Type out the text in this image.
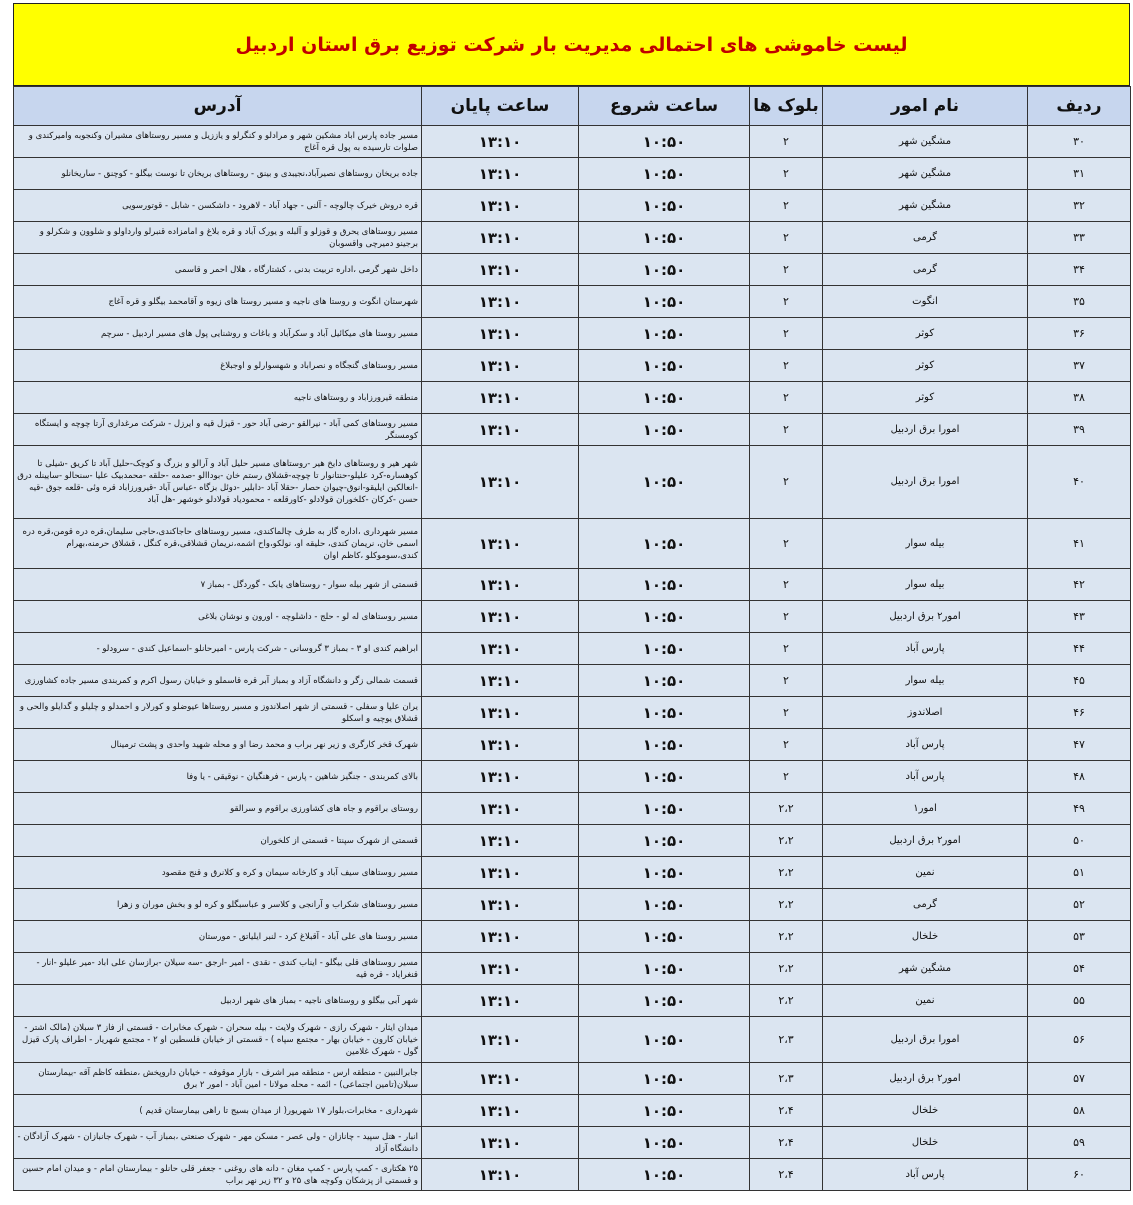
لیست خاموشی های احتمالی مدیریت بار شرکت توزیع برق استان اردبیل
ردیف	نام امور	بلوک ها	ساعت شروع	ساعت پایان	آدرس
۳۰	مشگین شهر	۲	۱۰:۵۰	۱۳:۱۰	مسیر جاده پارس اباد مشکین شهر و مرادلو و کنگرلو و یاززیل و مسیر روستاهای مشیران وکنجوبه وامیرکندی و صلوات تارسیده به پول قره آغاج
۳۱	مشگین شهر	۲	۱۰:۵۰	۱۳:۱۰	جاده بریخان روستاهای نصیرآباد،نجیبدی و بینق - روستاهای بریخان تا نوست بیگلو - کوچنق - ساریخانلو
۳۲	مشگین شهر	۲	۱۰:۵۰	۱۳:۱۰	قره دروش خیرک چالوچه - آلنی - جهاد آباد - لاهرود - داشکسن - شابل - قوتورسویی
۳۳	گرمی	۲	۱۰:۵۰	۱۳:۱۰	مسیر روستاهای یحرق و قوزلو و آلبله و یورک آباد و قره بلاغ و امامزاده قنبرلو وارداولو و شلوون و شکرلو و برجینو دمیرچی واقسوبان
۳۴	گرمی	۲	۱۰:۵۰	۱۳:۱۰	داخل شهر گرمی ،اداره تربیت بدنی ، کشتارگاه ، هلال احمر و قاسمی
۳۵	انگوت	۲	۱۰:۵۰	۱۳:۱۰	شهرستان انگوت و روستا های ناجیه و مسیر روستا های زیوه و آقامحمد بیگلو و قره آغاج
۳۶	کوثر	۲	۱۰:۵۰	۱۳:۱۰	مسیر روستا های میکائیل آباد و سکرآباد و باغات و روشنایی پول های مسیر اردبیل - سرچم
۳۷	کوثر	۲	۱۰:۵۰	۱۳:۱۰	مسیر روستاهای گنجگاه و نصراباد و شهسوارلو و اوجبلاغ
۳۸	کوثر	۲	۱۰:۵۰	۱۳:۱۰	منطقه قیرورزاباد و روستاهای ناجیه
۳۹	امورا برق اردبیل	۲	۱۰:۵۰	۱۳:۱۰	مسیر روستاهای کمی آباد - نیرالقو -رضی آباد حور - قیزل قیه و ایرزل - شرکت مرغداری آرتا چوچه و ایستگاه کومسنگر
۴۰	امورا برق اردبیل	۲	۱۰:۵۰	۱۳:۱۰	شهر هیر و روستاهای دایخ هیر -روستاهای مسیر حلیل آباد و آرالو و بزرگ و کوچک-حلیل آباد تا کریق -شیلی تا کوهساره-کرد علیلو-حنتانوار تا چوچه-قشلاق رستم خان -بوداالو -صدمه -حلقه -محمدبیک علیا -سنحالو -سایینله درق -انعالکین ایلیقو-انوق-چیوان حصار -حقلا آباد -دابلیر -دوئل بزگاه -عباس آباد -قیرورزاباد قره وئی -قلعه جوق -قیه حسن -کرکان -کلخوران قولادلو -کاورقلعه - محمودیاد قولادلو خوشهر -هل آباد
۴۱	بیله سوار	۲	۱۰:۵۰	۱۳:۱۰	مسیر شهرداری ،اداره گاز به طرف چالماکندی، مسیر روستاهای حاجاکندی،حاجی سلیمان،قره دره قومن،قره دره اسمی خان، نریمان کندی، حلیقه او، نولکو،واح اشمه،نریمان قشلاقی،قره کنگل ، قشلاق حرمنه،بهرام کندی،سوموکلو ،کاظم اوان
۴۲	بیله سوار	۲	۱۰:۵۰	۱۳:۱۰	قسمتی از شهر بیله سوار - روستاهای یابک - گوردگل - بمباز ۷
۴۳	امور۲ برق اردبیل	۲	۱۰:۵۰	۱۳:۱۰	مسیر روستاهای له لو - حلج - داشلوچه - اورون و نوشان بلاغی
۴۴	پارس آباد	۲	۱۰:۵۰	۱۳:۱۰	ابراهیم کندی او ۳ - بمباز ۳ گروسانی - شرکت پارس - امیرحانلو -اسماعیل کندی - سرودلو -
۴۵	بیله سوار	۲	۱۰:۵۰	۱۳:۱۰	قسمت شمالی زگر و دانشگاه آزاد و بمباز آبر قره قاسملو و خیابان رسول اکرم و کمربندی مسیر جاده کشاورزی
۴۶	اصلاندوز	۲	۱۰:۵۰	۱۳:۱۰	یران علیا و سفلی - قسمتی از شهر اصلاندوز و مسیر روستاها عیوضلو و کورلار و احمدلو و چلیلو و گدایلو والحی و قشلاق یوچیه و اسکلو
۴۷	پارس آباد	۲	۱۰:۵۰	۱۳:۱۰	شهرک قخر کارگری و زیر نهر براب و محمد رضا او و محله شهید واحدی و پشت ترمینال
۴۸	پارس آباد	۲	۱۰:۵۰	۱۳:۱۰	بالای کمربندی - جنگیز شاهین - پارس - فرهنگیان - نوقیقی - یا وفا
۴۹	امور۱	۲،۲	۱۰:۵۰	۱۳:۱۰	روستای براقوم و جاه های کشاورزی براقوم و سرالقو
۵۰	امور۲ برق اردبیل	۲،۲	۱۰:۵۰	۱۳:۱۰	قسمتی از شهرک سپنتا - قسمتی از کلخوران
۵۱	نمین	۲،۲	۱۰:۵۰	۱۳:۱۰	مسیر روستاهای سیف آباد و کارخانه سیمان و کره و کلانرق و قنج مقصود
۵۲	گرمی	۲،۲	۱۰:۵۰	۱۳:۱۰	مسیر روستاهای شکراب و آرانجی و کلاسر و عباسبگلو و کره لو و بخش موران و زهرا
۵۳	خلخال	۲،۲	۱۰:۵۰	۱۳:۱۰	مسیر روستا های علی آباد - آقبلاغ کرد - لنبر ایلیاتق - مورستان
۵۴	مشگین شهر	۲،۲	۱۰:۵۰	۱۳:۱۰	مسیر روستاهای قلی بیگلو - ایناب کندی - نقدی - امیر -ارجق -سه سیلان -برازسان علی اباد -میر علیلو -انار - قنغرایاد - قره قیه
۵۵	نمین	۲،۲	۱۰:۵۰	۱۳:۱۰	شهر آبی بیگلو و روستاهای ناجیه - بمباز های شهر اردبیل
۵۶	امورا برق اردبیل	۲،۳	۱۰:۵۰	۱۳:۱۰	میدان ایثار - شهرک رازی - شهرک ولایت - بیله سحران - شهرک مخابرات - قسمتی از فاز ۳ سبلان (مالک اشتر - خیابان کارون - خیابان بهار - مجتمع سپاه ) - قسمتی از خیابان فلسطین او ۲ - مجتمع شهریار - اطراف پارک قیزل گول - شهرک غلامین
۵۷	امور۲ برق اردبیل	۲،۳	۱۰:۵۰	۱۳:۱۰	جابرالنبین - منطقه ارس - منطقه میر اشرف - بازار موقوفه - خیابان داروپخش ،منطقه کاظم آقه -بیمارستان سبلان(تامین اجتماعی) - ائمه - محله مولانا - امین آباد - امور ۲ برق
۵۸	خلخال	۲،۴	۱۰:۵۰	۱۳:۱۰	شهرداری - مخابرات،بلوار ۱۷ شهریور( از میدان بسیج تا راهی بیمارستان قدیم )
۵۹	خلخال	۲،۴	۱۰:۵۰	۱۳:۱۰	انبار - هتل سپید - چانازان - ولی عصر - مسکن مهر - شهرک صنعتی ،بمباز آب - شهرک جانبازان - شهرک آزادگان - دانشگاه آزاد
۶۰	پارس آباد	۲،۴	۱۰:۵۰	۱۳:۱۰	۲۵ هکتاری - کمپ پارس - کمپ مغان - دانه های روغنی - جعفر قلی حانلو - بیمارستان امام - و میدان امام حسین و قسمتی از پزشکان وکوچه های ۲۵ و ۳۲ زیر نهر براب
